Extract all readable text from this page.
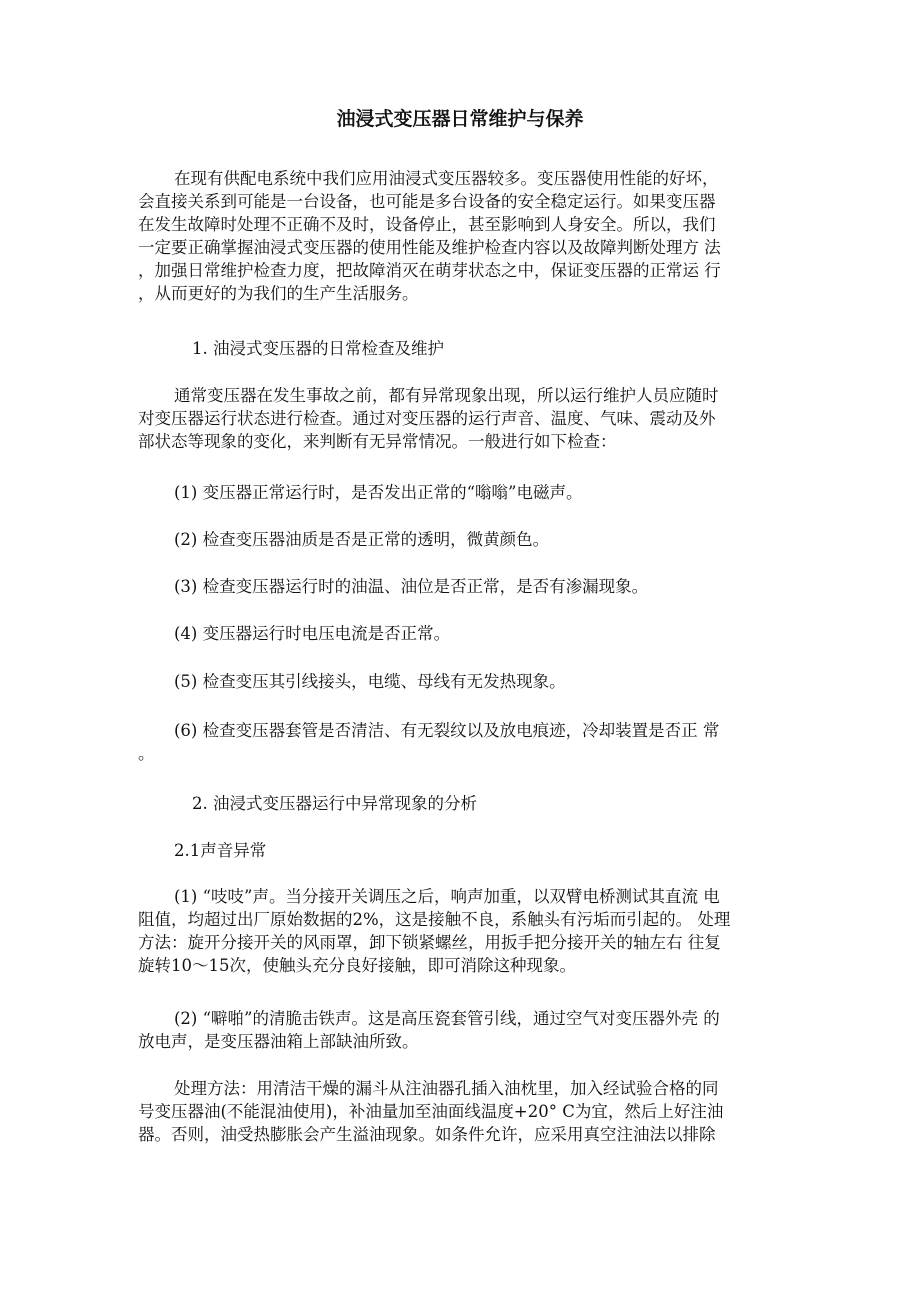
油浸式变压器日常维护与保养
在现有供配电系统中我们应用油浸式变压器较多。变压器使用性能的好坏，
会直接关系到可能是一台设备，也可能是多台设备的安全稳定运行。如果变压器
在发生故障时处理不正确不及时，设备停止，甚至影响到人身安全。所以，我们
一定要正确掌握油浸式变压器的使用性能及维护检查内容以及故障判断处理方 法
，加强日常维护检查力度，把故障消灭在萌芽状态之中，保证变压器的正常运 行
，从而更好的为我们的生产生活服务。
1. 油浸式变压器的日常检查及维护
通常变压器在发生事故之前，都有异常现象出现，所以运行维护人员应随时
对变压器运行状态进行检查。通过对变压器的运行声音、温度、气味、震动及外
部状态等现象的变化，来判断有无异常情况。一般进行如下检查：
(1) 变压器正常运行时，是否发出正常的“嗡嗡”电磁声。
(2) 检查变压器油质是否是正常的透明，微黄颜色。
(3) 检查变压器运行时的油温、油位是否正常，是否有渗漏现象。
(4) 变压器运行时电压电流是否正常。
(5) 检查变压其引线接头，电缆、母线有无发热现象。
(6) 检查变压器套管是否清洁、有无裂纹以及放电痕迹，冷却装置是否正 常
。
2. 油浸式变压器运行中异常现象的分析
2.1声音异常
(1) “吱吱”声。当分接开关调压之后，响声加重，以双臂电桥测试其直流 电
阻值，均超过出厂原始数据的2%，这是接触不良，系触头有污垢而引起的。 处理
方法：旋开分接开关的风雨罩，卸下锁紧螺丝，用扳手把分接开关的轴左右 往复
旋转10～15次，使触头充分良好接触，即可消除这种现象。
(2) “噼啪”的清脆击铁声。这是高压瓷套管引线，通过空气对变压器外壳 的
放电声，是变压器油箱上部缺油所致。
处理方法：用清洁干燥的漏斗从注油器孔插入油枕里，加入经试验合格的同
号变压器油(不能混油使用)，补油量加至油面线温度+20° C为宜，然后上好注油
器。否则，油受热膨胀会产生溢油现象。如条件允许，应采用真空注油法以排除
